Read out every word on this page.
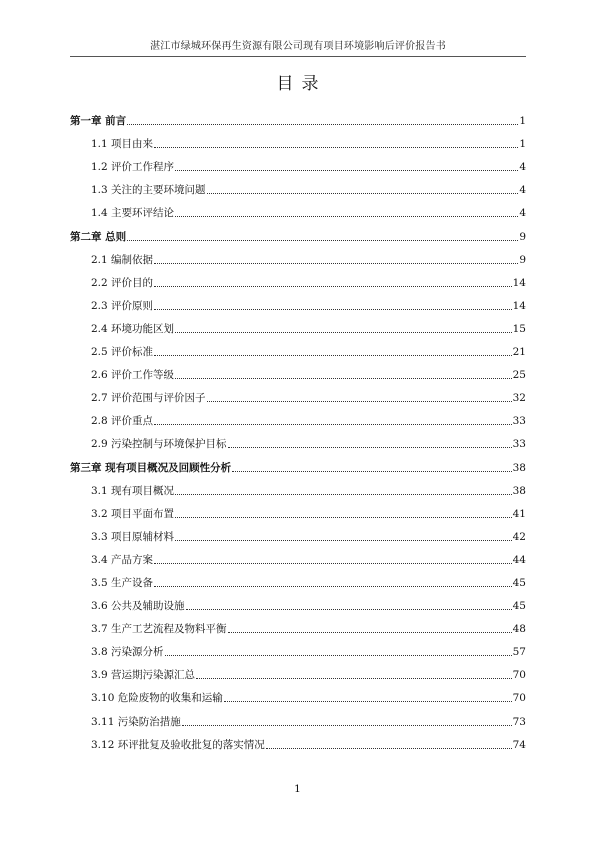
湛江市绿城环保再生资源有限公司现有项目环境影响后评价报告书
目录
第一章 前言	1
1.1 项目由来	1
1.2 评价工作程序	4
1.3 关注的主要环境问题	4
1.4 主要环评结论	4
第二章 总则	9
2.1 编制依据	9
2.2 评价目的	14
2.3 评价原则	14
2.4 环境功能区划	15
2.5 评价标准	21
2.6 评价工作等级	25
2.7 评价范围与评价因子	32
2.8 评价重点	33
2.9 污染控制与环境保护目标	33
第三章 现有项目概况及回顾性分析	38
3.1 现有项目概况	38
3.2 项目平面布置	41
3.3 项目原辅材料	42
3.4 产品方案	44
3.5 生产设备	45
3.6 公共及辅助设施	45
3.7 生产工艺流程及物料平衡	48
3.8 污染源分析	57
3.9 营运期污染源汇总	70
3.10 危险废物的收集和运输	70
3.11 污染防治措施	73
3.12 环评批复及验收批复的落实情况	74
1
